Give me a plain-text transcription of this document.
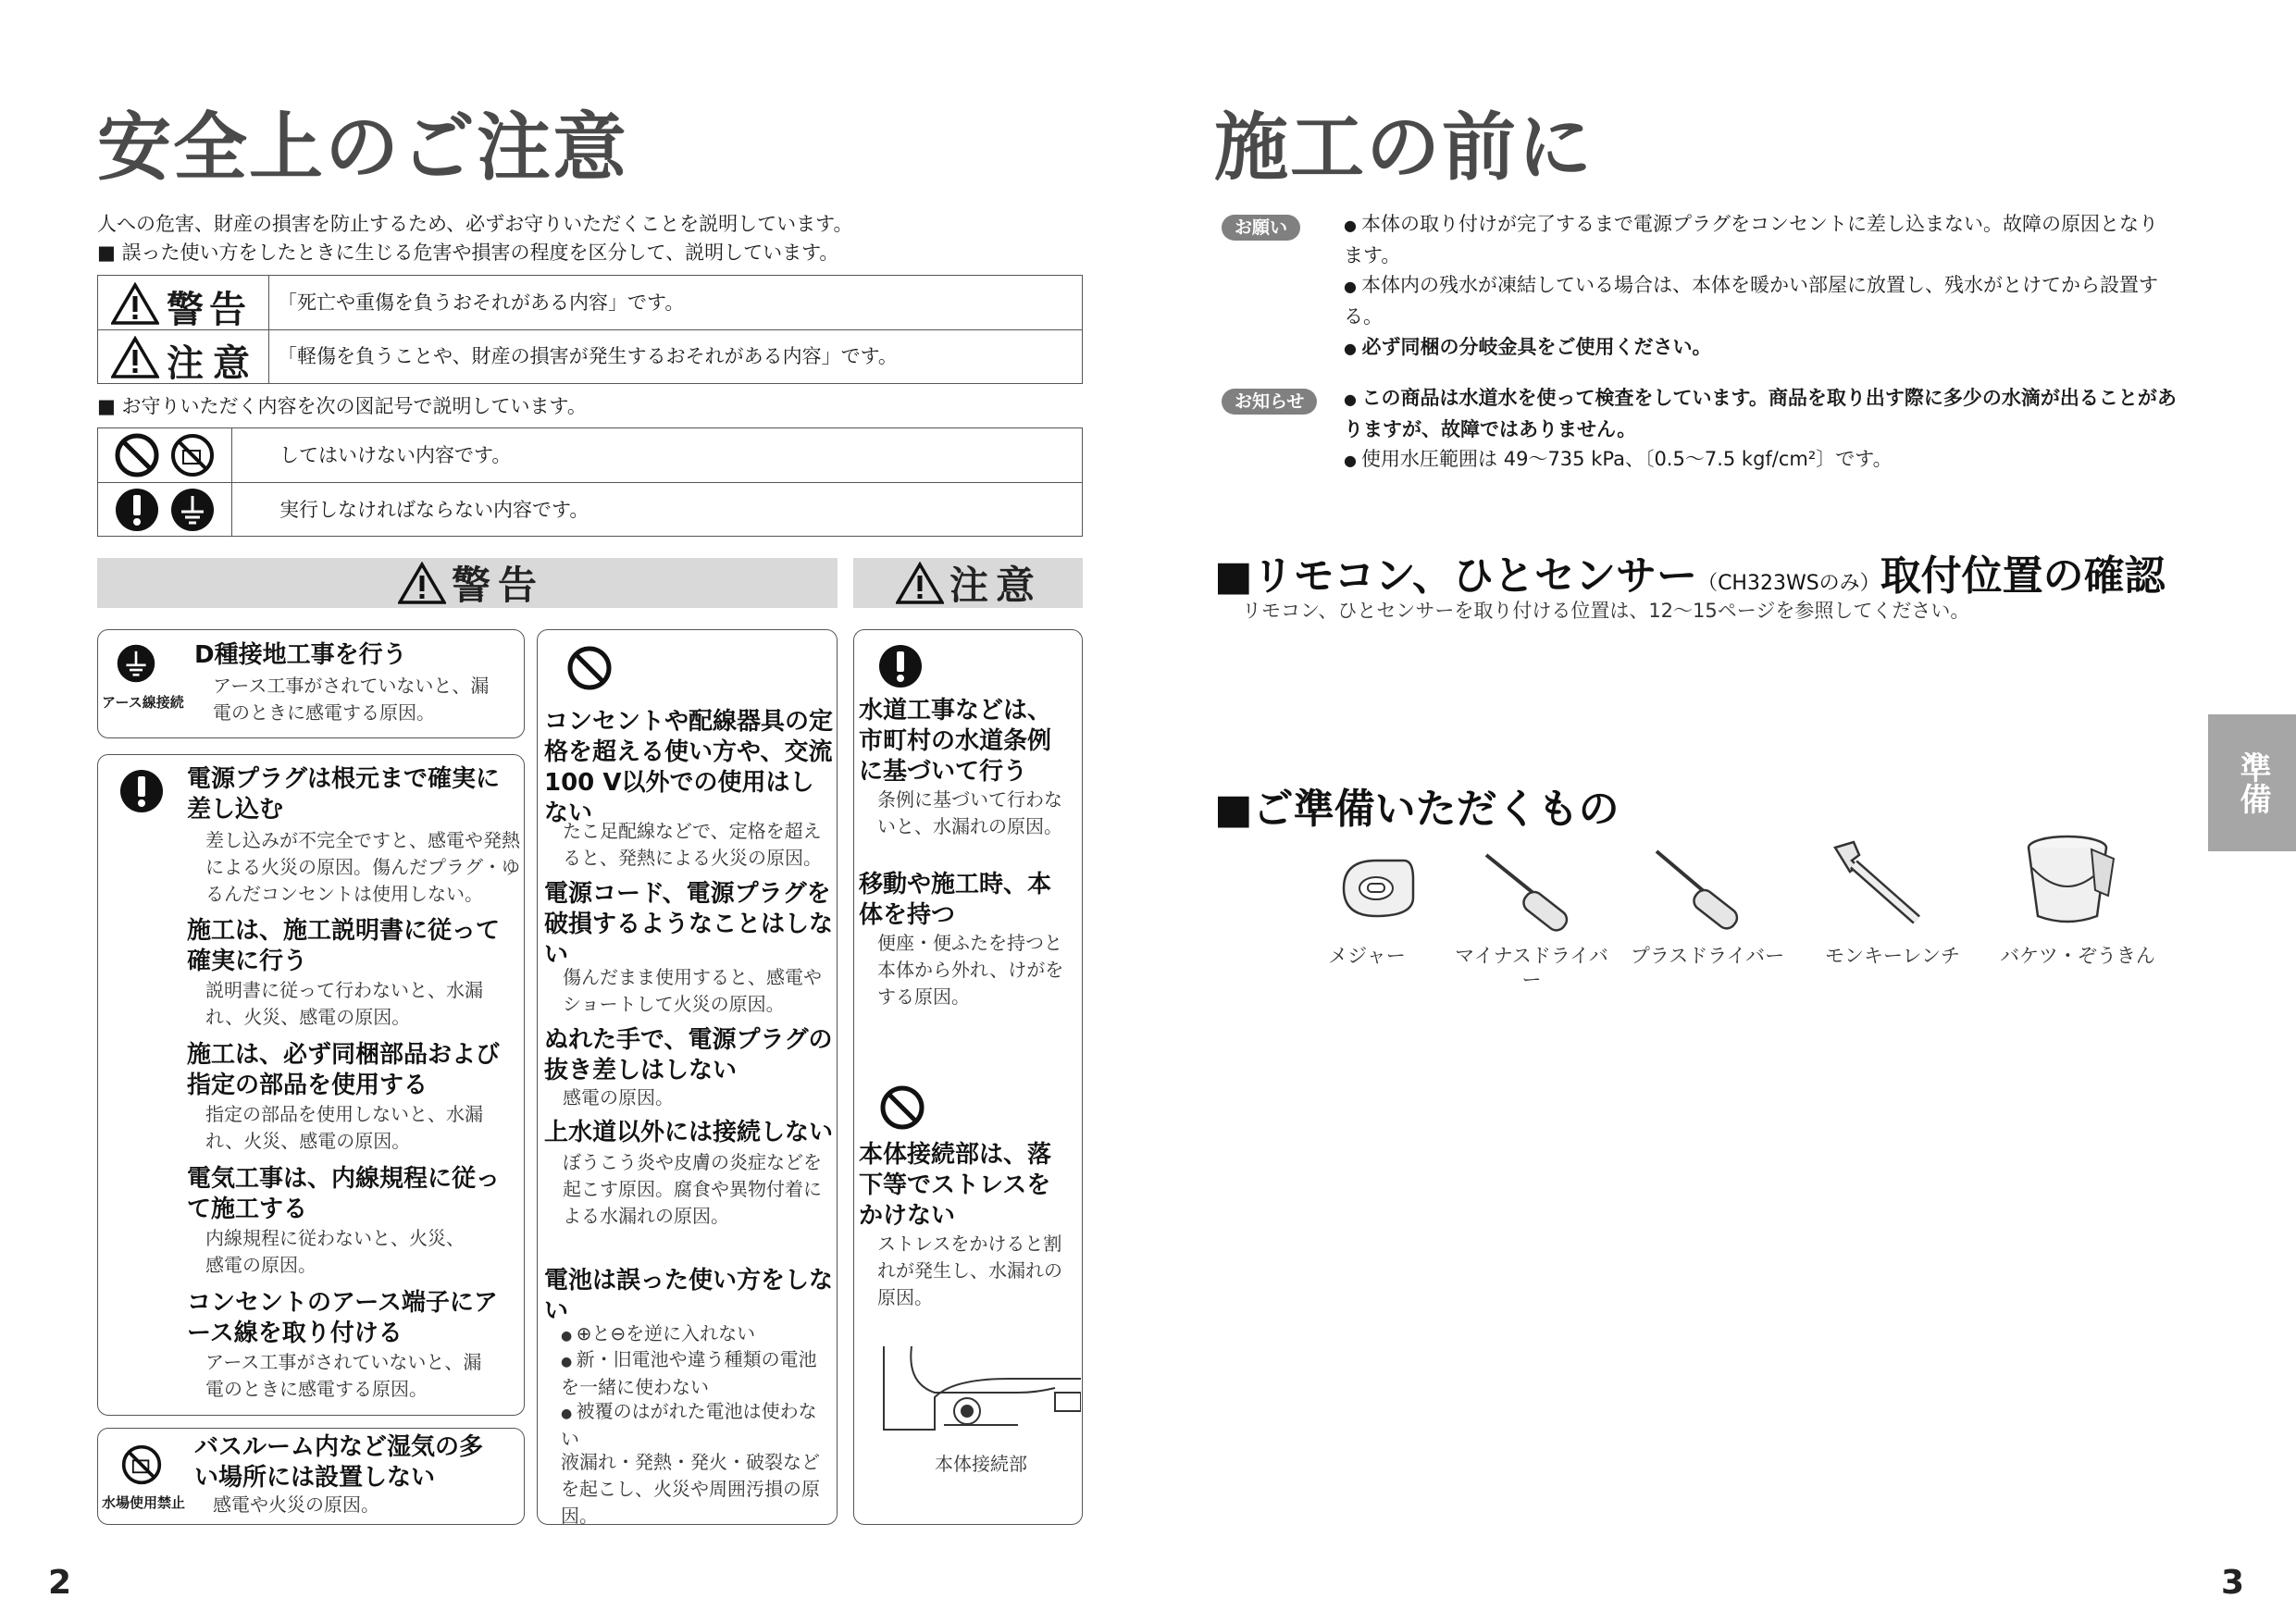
安全上のご注意
人への危害、財産の損害を防止するため、必ずお守りいただくことを説明しています。
■ 誤った使い方をしたときに生じる危害や損害の程度を区分して、説明しています。
警告 「死亡や重傷を負うおそれがある内容」です。
注意 「軽傷を負うことや、財産の損害が発生するおそれがある内容」です。
■ お守りいただく内容を次の図記号で説明しています。
してはいけない内容です。
実行しなければならない内容です。
警告	注意
アース線接続
D種接地工事を行う
アース工事がされていないと、漏電のときに感電する原因。
電源プラグは根元まで確実に差し込む
差し込みが不完全ですと、感電や発熱による火災の原因。傷んだプラグ・ゆるんだコンセントは使用しない。
施工は、施工説明書に従って確実に行う
説明書に従って行わないと、水漏れ、火災、感電の原因。
施工は、必ず同梱部品および指定の部品を使用する
指定の部品を使用しないと、水漏れ、火災、感電の原因。
電気工事は、内線規程に従って施工する
内線規程に従わないと、火災、感電の原因。
コンセントのアース端子にアース線を取り付ける
アース工事がされていないと、漏電のときに感電する原因。
水場使用禁止
バスルーム内など湿気の多い場所には設置しない
感電や火災の原因。
コンセントや配線器具の定格を超える使い方や、交流100 V以外での使用はしない
たこ足配線などで、定格を超えると、発熱による火災の原因。
電源コード、電源プラグを破損するようなことはしない
傷んだまま使用すると、感電やショートして火災の原因。
ぬれた手で、電源プラグの抜き差しはしない
感電の原因。
上水道以外には接続しない
ぼうこう炎や皮膚の炎症などを起こす原因。腐食や異物付着による水漏れの原因。
電池は誤った使い方をしない
● ⊕と⊖を逆に入れない
● 新・旧電池や違う種類の電池を一緒に使わない
● 被覆のはがれた電池は使わない
液漏れ・発熱・発火・破裂などを起こし、火災や周囲汚損の原因。
水道工事などは、市町村の水道条例に基づいて行う
条例に基づいて行わないと、水漏れの原因。
移動や施工時、本体を持つ
便座・便ふたを持つと本体から外れ、けがをする原因。
本体接続部は、落下等でストレスをかけない
ストレスをかけると割れが発生し、水漏れの原因。
本体接続部
2
施工の前に
お願い	● 本体の取り付けが完了するまで電源プラグをコンセントに差し込まない。故障の原因となります。
● 本体内の残水が凍結している場合は、本体を暖かい部屋に放置し、残水がとけてから設置する。
● 必ず同梱の分岐金具をご使用ください。
お知らせ	● この商品は水道水を使って検査をしています。商品を取り出す際に多少の水滴が出ることがありますが、故障ではありません。
● 使用水圧範囲は 49〜735 kPa、〔0.5〜7.5 kgf/cm²〕です。
■リモコン、ひとセンサー（CH323WSのみ）取付位置の確認
リモコン、ひとセンサーを取り付ける位置は、12〜15ページを参照してください。
■ご準備いただくもの
メジャー	マイナスドライバー
プラスドライバー	モンキーレンチ	バケツ・ぞうきん
準備
3
